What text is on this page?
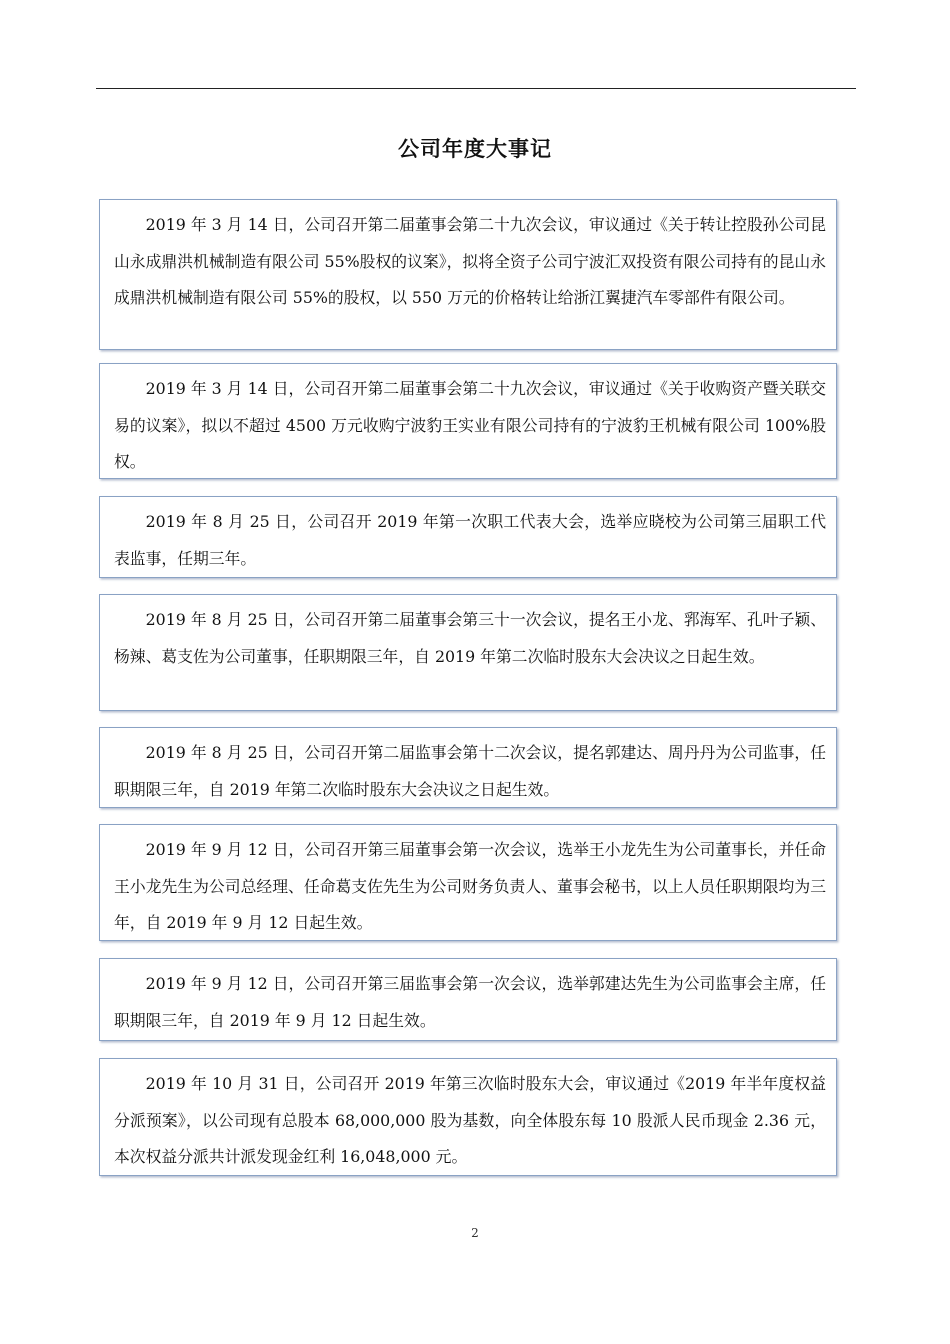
公司年度大事记
2019 年 3 月 14 日，公司召开第二届董事会第二十九次会议，审议通过《关于转让控股孙公司昆山永成鼎洪机械制造有限公司 55%股权的议案》，拟将全资子公司宁波汇双投资有限公司持有的昆山永成鼎洪机械制造有限公司 55%的股权，以 550 万元的价格转让给浙江翼捷汽车零部件有限公司。
2019 年 3 月 14 日，公司召开第二届董事会第二十九次会议，审议通过《关于收购资产暨关联交易的议案》，拟以不超过 4500 万元收购宁波豹王实业有限公司持有的宁波豹王机械有限公司 100%股权。
2019 年 8 月 25 日，公司召开 2019 年第一次职工代表大会，选举应晓校为公司第三届职工代表监事，任期三年。
2019 年 8 月 25 日，公司召开第二届董事会第三十一次会议，提名王小龙、郛海军、孔叶子颖、杨辣、葛支佐为公司董事，任职期限三年，自 2019 年第二次临时股东大会决议之日起生效。
2019 年 8 月 25 日，公司召开第二届监事会第十二次会议，提名郭建达、周丹丹为公司监事，任职期限三年，自 2019 年第二次临时股东大会决议之日起生效。
2019 年 9 月 12 日，公司召开第三届董事会第一次会议，选举王小龙先生为公司董事长，并任命王小龙先生为公司总经理、任命葛支佐先生为公司财务负责人、董事会秘书，以上人员任职期限均为三年，自 2019 年 9 月 12 日起生效。
2019 年 9 月 12 日，公司召开第三届监事会第一次会议，选举郭建达先生为公司监事会主席，任职期限三年，自 2019 年 9 月 12 日起生效。
2019 年 10 月 31 日，公司召开 2019 年第三次临时股东大会，审议通过《2019 年半年度权益分派预案》，以公司现有总股本 68,000,000 股为基数，向全体股东每 10 股派人民币现金 2.36 元，本次权益分派共计派发现金红利 16,048,000 元。
2
